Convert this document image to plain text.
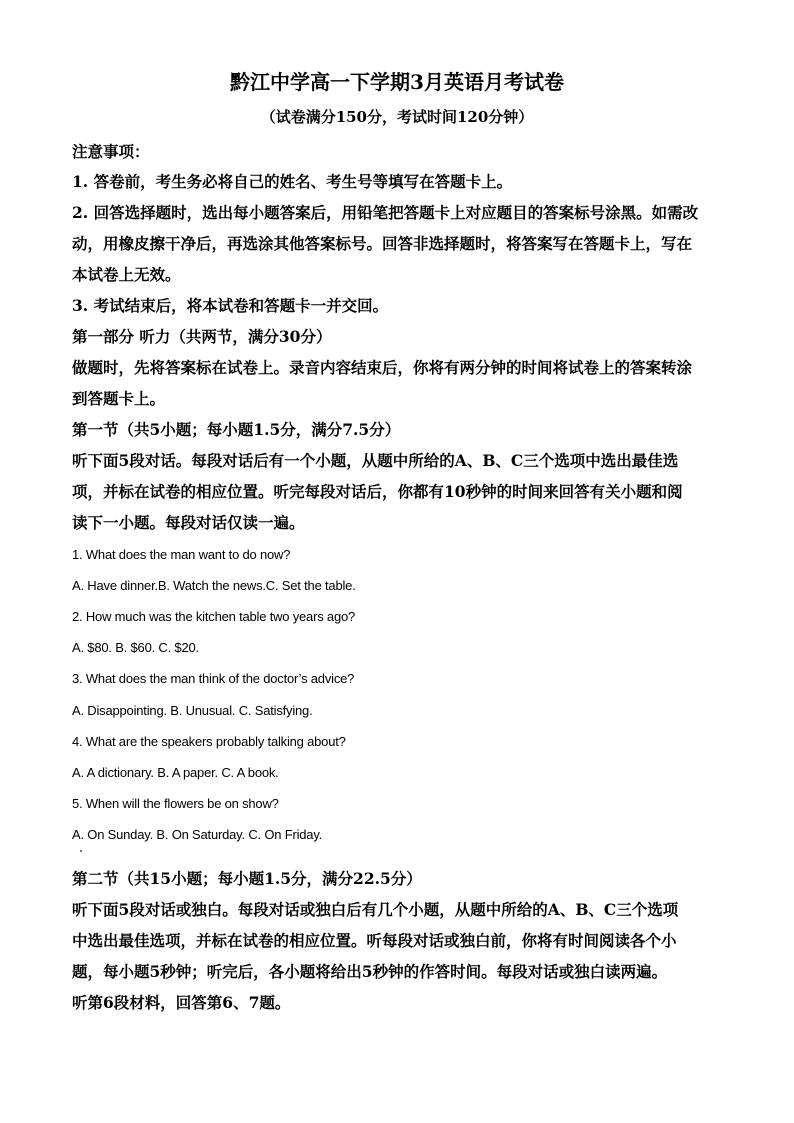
黔江中学高一下学期3月英语月考试卷
（试卷满分150分，考试时间120分钟）
注意事项：
1. 答卷前，考生务必将自己的姓名、考生号等填写在答题卡上。
2. 回答选择题时，选出每小题答案后，用铅笔把答题卡上对应题目的答案标号涂黑。如需改
动，用橡皮擦干净后，再选涂其他答案标号。回答非选择题时，将答案写在答题卡上，写在
本试卷上无效。
3. 考试结束后，将本试卷和答题卡一并交回。
第一部分 听力（共两节，满分30分）
做题时，先将答案标在试卷上。录音内容结束后，你将有两分钟的时间将试卷上的答案转涂
到答题卡上。
第一节（共5小题；每小题1.5分，满分7.5分）
听下面5段对话。每段对话后有一个小题，从题中所给的A、B、C三个选项中选出最佳选
项，并标在试卷的相应位置。听完每段对话后，你都有10秒钟的时间来回答有关小题和阅
读下一小题。每段对话仅读一遍。
1. What does the man want to do now?
A. Have dinner.B. Watch the news.C. Set the table.
2. How much was the kitchen table two years ago?
A. $80. B. $60. C. $20.
3. What does the man think of the doctor’s advice?
A. Disappointing. B. Unusual. C. Satisfying.
4. What are the speakers probably talking about?
A. A dictionary. B. A paper. C. A book.
5. When will the flowers be on show?
A. On Sunday. B. On Saturday. C. On Friday.
第二节（共15小题；每小题1.5分，满分22.5分）
听下面5段对话或独白。每段对话或独白后有几个小题，从题中所给的A、B、C三个选项
中选出最佳选项，并标在试卷的相应位置。听每段对话或独白前，你将有时间阅读各个小
题，每小题5秒钟；听完后，各小题将给出5秒钟的作答时间。每段对话或独白读两遍。
听第6段材料，回答第6、7题。
